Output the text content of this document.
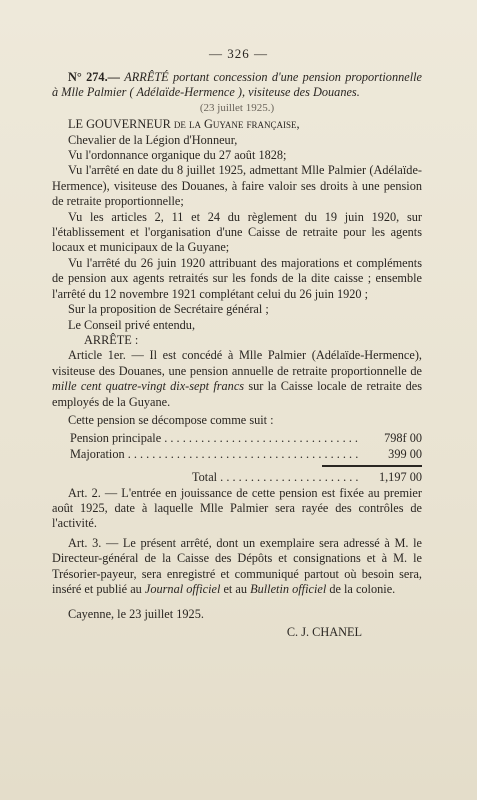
— 326 —

N° 274.— ARRÊTÉ portant concession d'une pension proportionnelle à Mlle Palmier ( Adélaïde-Hermence ), visiteuse des Douanes.

(23 juillet 1925.)

LE GOUVERNEUR de la Guyane française,

Chevalier de la Légion d'Honneur,

Vu l'ordonnance organique du 27 août 1828;

Vu l'arrêté en date du 8 juillet 1925, admettant Mlle Palmier (Adélaïde-Hermence), visiteuse des Douanes, à faire valoir ses droits à une pension de retraite proportionnelle;

Vu les articles 2, 11 et 24 du règlement du 19 juin 1920, sur l'établissement et l'organisation d'une Caisse de retraite pour les agents locaux et municipaux de la Guyane;

Vu l'arrêté du 26 juin 1920 attribuant des majorations et compléments de pension aux agents retraités sur les fonds de la dite caisse ; ensemble l'arrêté du 12 novembre 1921 complétant celui du 26 juin 1920 ;

Sur la proposition de Secrétaire général ;

Le Conseil privé entendu,

ARRÊTE :

Article 1er. — Il est concédé à Mlle Palmier (Adélaïde-Hermence), visiteuse des Douanes, une pension annuelle de retraite proportionnelle de mille cent quatre-vingt dix-sept francs sur la Caisse locale de retraite des employés de la Guyane.

Cette pension se décompose comme suit :

Pension principale . . .	798f 00
Majoration . . .	399 00
Total . . .	1,197 00

Art. 2. — L'entrée en jouissance de cette pension est fixée au premier août 1925, date à laquelle Mlle Palmier sera rayée des contrôles de l'activité.

Art. 3. — Le présent arrêté, dont un exemplaire sera adressé à M. le Directeur-général de la Caisse des Dépôts et consignations et à M. le Trésorier-payeur, sera enregistré et communiqué partout où besoin sera, inséré et publié au Journal officiel et au Bulletin officiel de la colonie.

Cayenne, le 23 juillet 1925.

C. J. CHANEL
